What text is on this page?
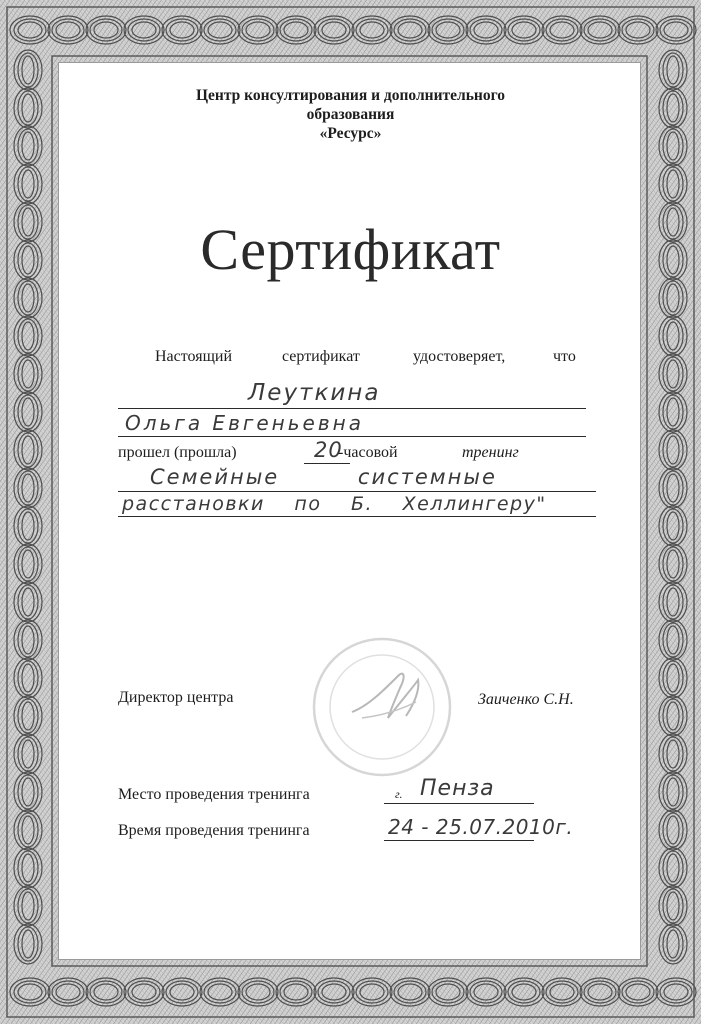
Центр консултирования и дополнительного
образования
«Ресурс»
Сертификат
Настоящий	сертификат	удостоверяет,	что
Леуткина
Ольга Евгеньевна
прошел (прошла)	20
-часовой	тренинг
Семейные системные
расстановки по Б. Хеллингеру"
Директор центра	Заиченко С.Н.
Место проведения тренинга	г. Пенза
Время проведения тренинга	24 - 25.07.2010г.
